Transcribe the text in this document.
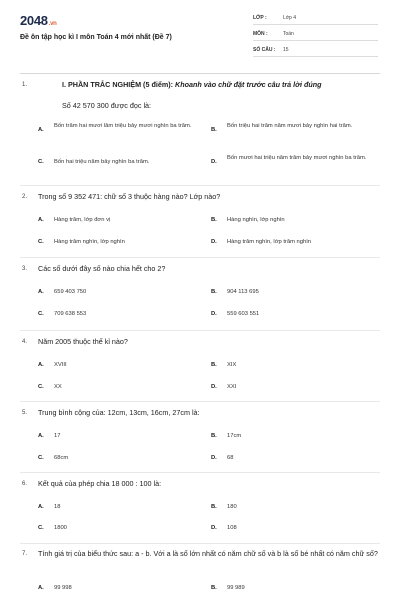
2048.vn
Đề ôn tập học kì I môn Toán 4 mới nhất (Đề 7)
LỚP :	Lớp 4
MÔN :	Toán
SỐ CÂU : 15
1.	I. PHẦN TRẮC NGHIỆM (5 điểm): Khoanh vào chữ đặt trước câu trả lời đúng
Số 42 570 300 được đọc là:
A.
Bốn trăm hai mươi lăm triệu bảy mươi nghìn ba trăm.
B.
Bốn triệu hai trăm năm mươi bảy nghìn hai trăm.
C. Bốn hai triệu năm bảy nghìn ba trăm.	D.
Bốn mươi hai triệu năm trăm bảy mươi nghìn ba trăm.
2. Trong số 9 352 471: chữ số 3 thuộc hàng nào? Lớp nào?
A. Hàng trăm, lớp đơn vị	B. Hàng nghìn, lớp nghìn
C. Hàng trăm nghìn, lớp nghìn	D. Hàng trăm nghìn, lớp trăm nghìn
3. Các số dưới đây số nào chia hết cho 2?
A. 659 403 750	B. 904 113 695
C. 709 638 553	D. 559 603 551
4. Năm 2005 thuộc thế kỉ nào?
A. XVIII	B. XIX
C. XX	D. XXI
5. Trung bình cộng của: 12cm, 13cm, 16cm, 27cm là:
A. 17	B. 17cm
C. 68cm	D. 68
6. Kết quả của phép chia 18 000 : 100 là:
A. 18	B. 180
C. 1800	D. 108
7. Tính giá trị của biểu thức sau: a - b. Với a là số lớn nhất có năm chữ số và b là số bé nhất có năm chữ số?
A. 99 998	B. 99 989
